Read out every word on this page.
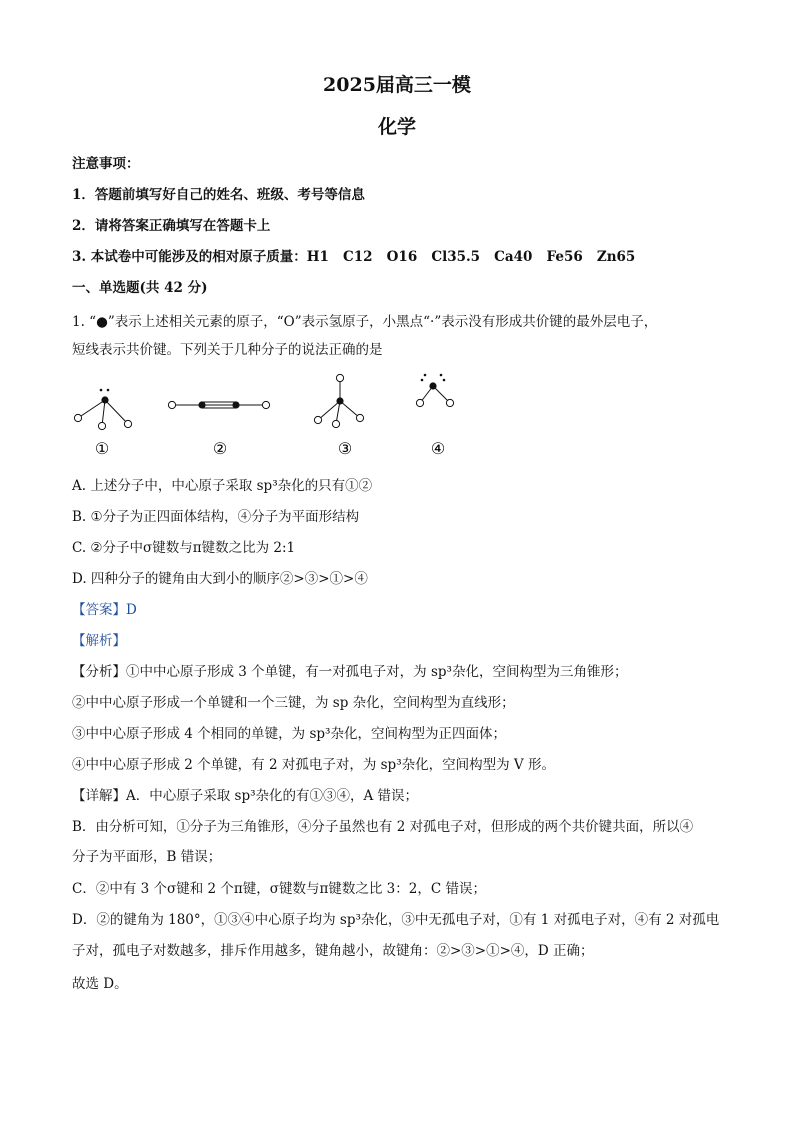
2025届高三一模
化学
注意事项：
1．答题前填写好自己的姓名、班级、考号等信息
2．请将答案正确填写在答题卡上
3. 本试卷中可能涉及的相对原子质量：H1   C12   O16   Cl35.5   Ca40   Fe56   Zn65
一、单选题(共 42 分)
1. “●”表示上述相关元素的原子，“O”表示氢原子，小黑点“·”表示没有形成共价键的最外层电子，
短线表示共价键。下列关于几种分子的说法正确的是
①	②	③	④
A. 上述分子中，中心原子采取 sp³杂化的只有①②
B. ①分子为正四面体结构，④分子为平面形结构
C. ②分子中σ键数与π键数之比为 2:1
D. 四种分子的键角由大到小的顺序②>③>①>④
【答案】D
【解析】
【分析】①中中心原子形成 3 个单键，有一对孤电子对，为 sp³杂化，空间构型为三角锥形；
②中中心原子形成一个单键和一个三键，为 sp 杂化，空间构型为直线形；
③中中心原子形成 4 个相同的单键，为 sp³杂化，空间构型为正四面体；
④中中心原子形成 2 个单键，有 2 对孤电子对，为 sp³杂化，空间构型为 V 形。
【详解】A．中心原子采取 sp³杂化的有①③④，A 错误；
B．由分析可知，①分子为三角锥形，④分子虽然也有 2 对孤电子对，但形成的两个共价键共面，所以④
分子为平面形，B 错误；
C．②中有 3 个σ键和 2 个π键，σ键数与π键数之比 3：2，C 错误；
D．②的键角为 180°，①③④中心原子均为 sp³杂化，③中无孤电子对，①有 1 对孤电子对，④有 2 对孤电
子对，孤电子对数越多，排斥作用越多，键角越小，故键角：②>③>①>④，D 正确；
故选 D。
